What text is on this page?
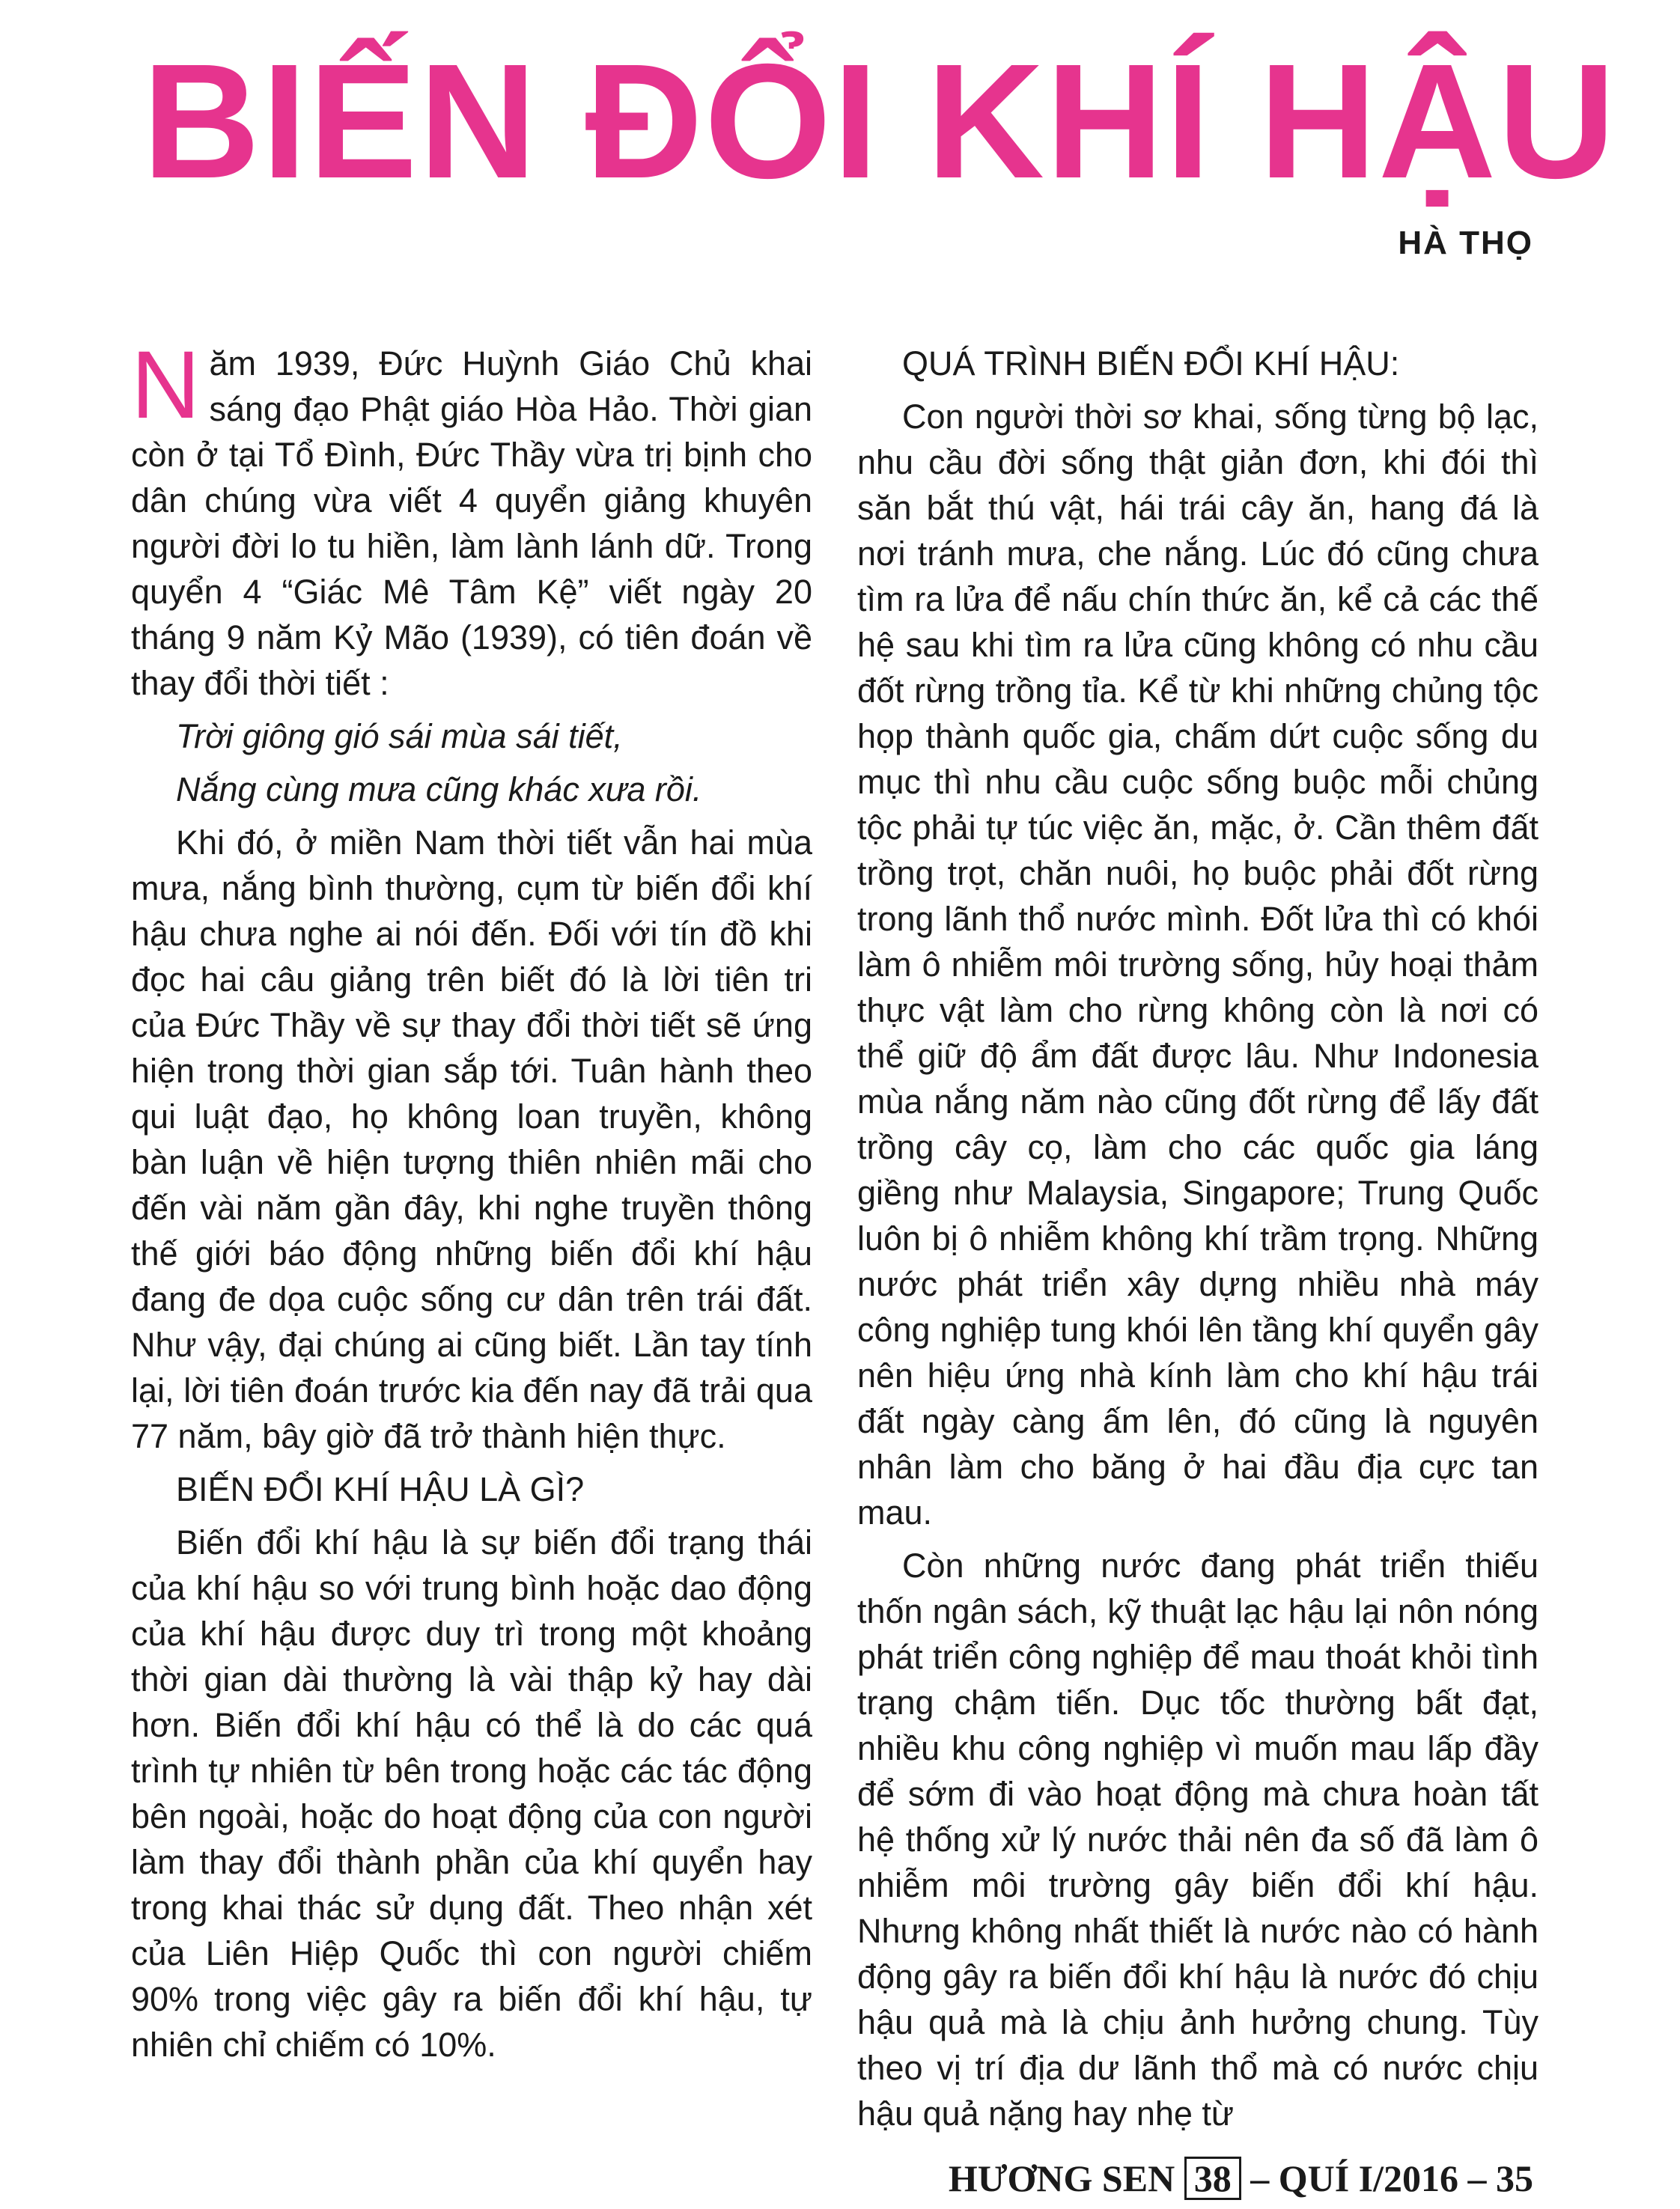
BIẾN ĐỔI KHÍ HẬU
HÀ THỌ

Năm 1939, Đức Huỳnh Giáo Chủ khai sáng đạo Phật giáo Hòa Hảo. Thời gian còn ở tại Tổ Đình, Đức Thầy vừa trị bịnh cho dân chúng vừa viết 4 quyển giảng khuyên người đời lo tu hiền, làm lành lánh dữ. Trong quyển 4 “Giác Mê Tâm Kệ” viết ngày 20 tháng 9 năm Kỷ Mão (1939), có tiên đoán về thay đổi thời tiết :

Trời giông gió sái mùa sái tiết,

Nắng cùng mưa cũng khác xưa rồi.

Khi đó, ở miền Nam thời tiết vẫn hai mùa mưa, nắng bình thường, cụm từ biến đổi khí hậu chưa nghe ai nói đến. Đối với tín đồ khi đọc hai câu giảng trên biết đó là lời tiên tri của Đức Thầy về sự thay đổi thời tiết sẽ ứng hiện trong thời gian sắp tới. Tuân hành theo qui luật đạo, họ không loan truyền, không bàn luận về hiện tượng thiên nhiên mãi cho đến vài năm gần đây, khi nghe truyền thông thế giới báo động những biến đổi khí hậu đang đe dọa cuộc sống cư dân trên trái đất. Như vậy, đại chúng ai cũng biết. Lần tay tính lại, lời tiên đoán trước kia đến nay đã trải qua 77 năm, bây giờ đã trở thành hiện thực.

BIẾN ĐỔI KHÍ HẬU LÀ GÌ?

Biến đổi khí hậu là sự biến đổi trạng thái của khí hậu so với trung bình hoặc dao động của khí hậu được duy trì trong một khoảng thời gian dài thường là vài thập kỷ hay dài hơn. Biến đổi khí hậu có thể là do các quá trình tự nhiên từ bên trong hoặc các tác động bên ngoài, hoặc do hoạt động của con người làm thay đổi thành phần của khí quyển hay trong khai thác sử dụng đất. Theo nhận xét của Liên Hiệp Quốc thì con người chiếm 90% trong việc gây ra biến đổi khí hậu, tự nhiên chỉ chiếm có 10%.

QUÁ TRÌNH BIẾN ĐỔI KHÍ HẬU:

Con người thời sơ khai, sống từng bộ lạc, nhu cầu đời sống thật giản đơn, khi đói thì săn bắt thú vật, hái trái cây ăn, hang đá là nơi tránh mưa, che nắng. Lúc đó cũng chưa tìm ra lửa để nấu chín thức ăn, kể cả các thế hệ sau khi tìm ra lửa cũng không có nhu cầu đốt rừng trồng tỉa. Kể từ khi những chủng tộc họp thành quốc gia, chấm dứt cuộc sống du mục thì nhu cầu cuộc sống buộc mỗi chủng tộc phải tự túc việc ăn, mặc, ở. Cần thêm đất trồng trọt, chăn nuôi, họ buộc phải đốt rừng trong lãnh thổ nước mình. Đốt lửa thì có khói làm ô nhiễm môi trường sống, hủy hoại thảm thực vật làm cho rừng không còn là nơi có thể giữ độ ẩm đất được lâu. Như Indonesia mùa nắng năm nào cũng đốt rừng để lấy đất trồng cây cọ, làm cho các quốc gia láng giềng như Malaysia, Singapore; Trung Quốc luôn bị ô nhiễm không khí trầm trọng. Những nước phát triển xây dựng nhiều nhà máy công nghiệp tung khói lên tầng khí quyển gây nên hiệu ứng nhà kính làm cho khí hậu trái đất ngày càng ấm lên, đó cũng là nguyên nhân làm cho băng ở hai đầu địa cực tan mau.

Còn những nước đang phát triển thiếu thốn ngân sách, kỹ thuật lạc hậu lại nôn nóng phát triển công nghiệp để mau thoát khỏi tình trạng chậm tiến. Dục tốc thường bất đạt, nhiều khu công nghiệp vì muốn mau lấp đầy để sớm đi vào hoạt động mà chưa hoàn tất hệ thống xử lý nước thải nên đa số đã làm ô nhiễm môi trường gây biến đổi khí hậu. Nhưng không nhất thiết là nước nào có hành động gây ra biến đổi khí hậu là nước đó chịu hậu quả mà là chịu ảnh hưởng chung. Tùy theo vị trí địa dư lãnh thổ mà có nước chịu hậu quả nặng hay nhẹ từ

HƯƠNG SEN 38 – QUÍ I/2016 – 35
